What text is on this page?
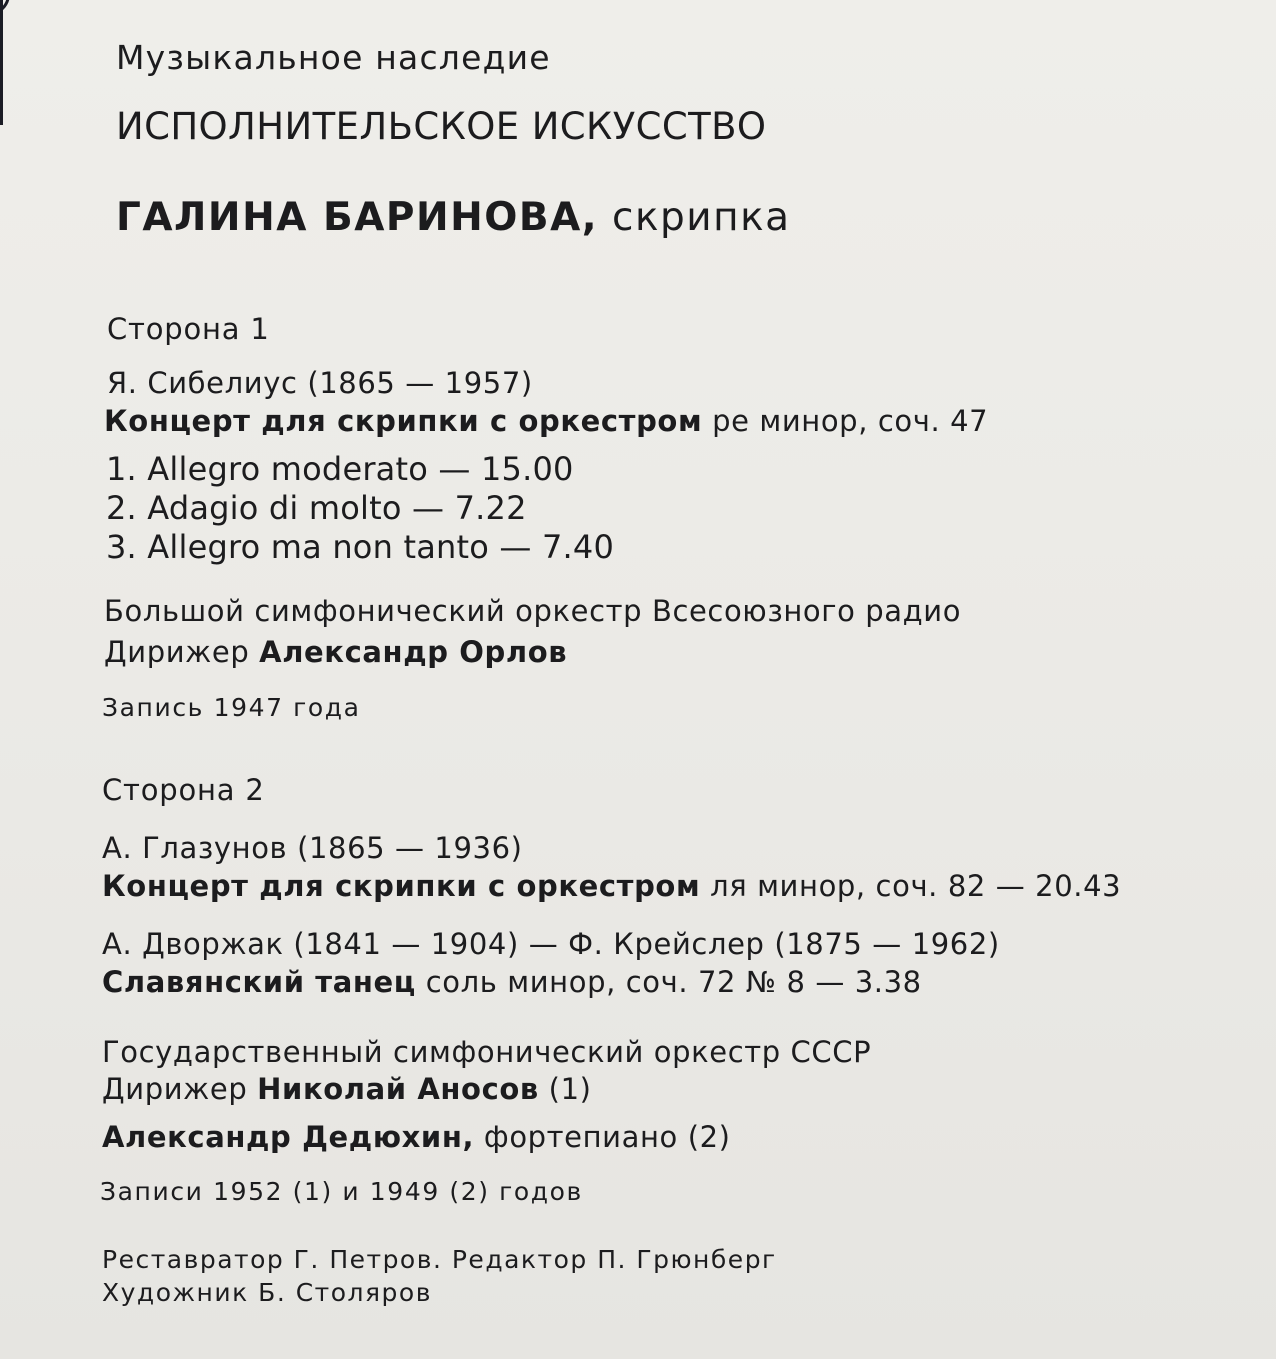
Музыкальное наследие
ИСПОЛНИТЕЛЬСКОЕ ИСКУССТВО
ГАЛИНА БАРИНОВА, скрипка
Сторона 1
Я. Сибелиус (1865 — 1957)
Концерт для скрипки с оркестром ре минор, соч. 47
1. Allegro moderato — 15.00
2. Adagio di molto — 7.22
3. Allegro ma non tanto — 7.40
Большой симфонический оркестр Всесоюзного радио
Дирижер Александр Орлов
Запись 1947 года
Сторона 2
А. Глазунов (1865 — 1936)
Концерт для скрипки с оркестром ля минор, соч. 82 — 20.43
А. Дворжак (1841 — 1904) — Ф. Крейслер (1875 — 1962)
Славянский танец соль минор, соч. 72 № 8 — 3.38
Государственный симфонический оркестр СССР
Дирижер Николай Аносов (1)
Александр Дедюхин, фортепиано (2)
Записи 1952 (1) и 1949 (2) годов
Реставратор Г. Петров. Редактор П. Грюнберг
Художник Б. Столяров
